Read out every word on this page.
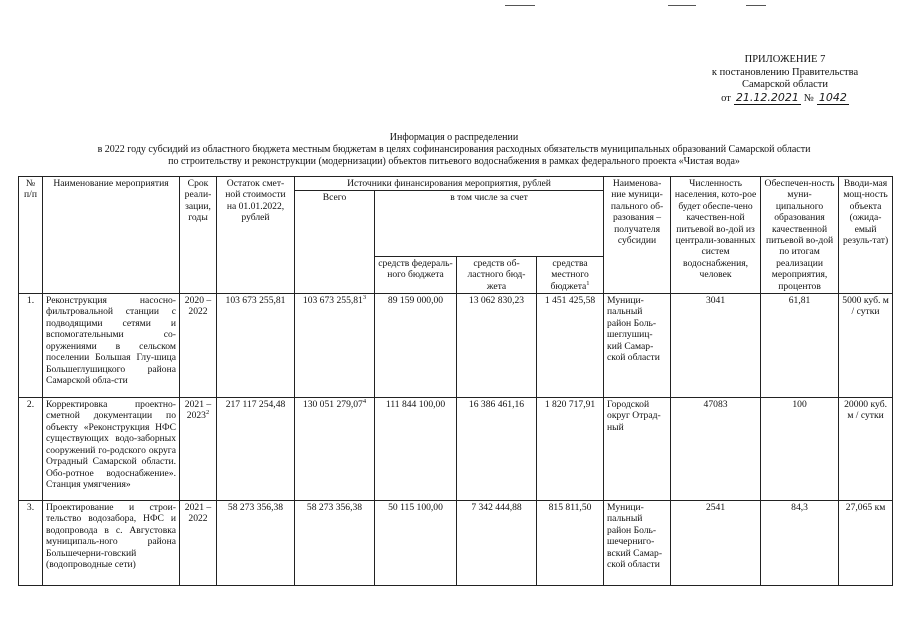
ПРИЛОЖЕНИЕ 7
к постановлению Правительства
Самарской области
от 21.12.2021 № 1042
Информация о распределении
в 2022 году субсидий из областного бюджета местным бюджетам в целях софинансирования расходных обязательств муниципальных образований Самарской области
по строительству и реконструкции (модернизации) объектов питьевого водоснабжения в рамках федерального проекта «Чистая вода»
№ п/п	Наименование мероприятия	Срок реали-зации, годы	Остаток смет-ной стоимости на 01.01.2022, рублей	Источники финансирования мероприятия, рублей				Наименова-ние муници-пального об-разования – получателя субсидии	Численность населения, кото-рое будет обеспе-чено качествен-ной питьевой во-дой из централи-зованных систем водоснабжения, человек	Обеспечен-ность муни-ципального образования качественной питьевой во-дой по итогам реализации мероприятия, процентов	Вводи-мая мощ-ность объекта (ожида-емый резуль-тат)
				Всего	в том числе за счет						
					средств федераль-ного бюджета	средств об-ластного бюд-жета	средства местного бюджета$^1$
1.	Реконструкция насосно-фильтровальной станции с подводящими сетями и вспомогательными со-оружениями в сельском поселении Большая Глу-шица Большеглушицкого района Самарской обла-сти	2020 – 2022	103 673 255,81	103 673 255,81$^3$	89 159 000,00	13 062 830,23	1 451 425,58	Муници-пальный район Боль-шеглушиц-кий Самар-ской области	3041	61,81	5000 куб. м / сутки
2.	Корректировка проектно-сметной документации по объекту «Реконструкция НФС существующих водо-заборных сооружений го-родского округа Отрадный Самарской области. Обо-ротное водоснабжение». Станция умягчения»	2021 – 2023$^2$	217 117 254,48	130 051 279,07$^4$	111 844 100,00	16 386 461,16	1 820 717,91	Городской округ Отрад-ный	47083	100	20000 куб. м / сутки
3.	Проектирование и строи-тельство водозабора, НФС и водопровода в с. Августовка муниципаль-ного района Большечерни-говский (водопроводные сети)	2021 – 2022	58 273 356,38	58 273 356,38	50 115 100,00	7 342 444,88	815 811,50	Муници-пальный район Боль-шечерниго-вский Самар-ской области	2541	84,3	27,065 км
